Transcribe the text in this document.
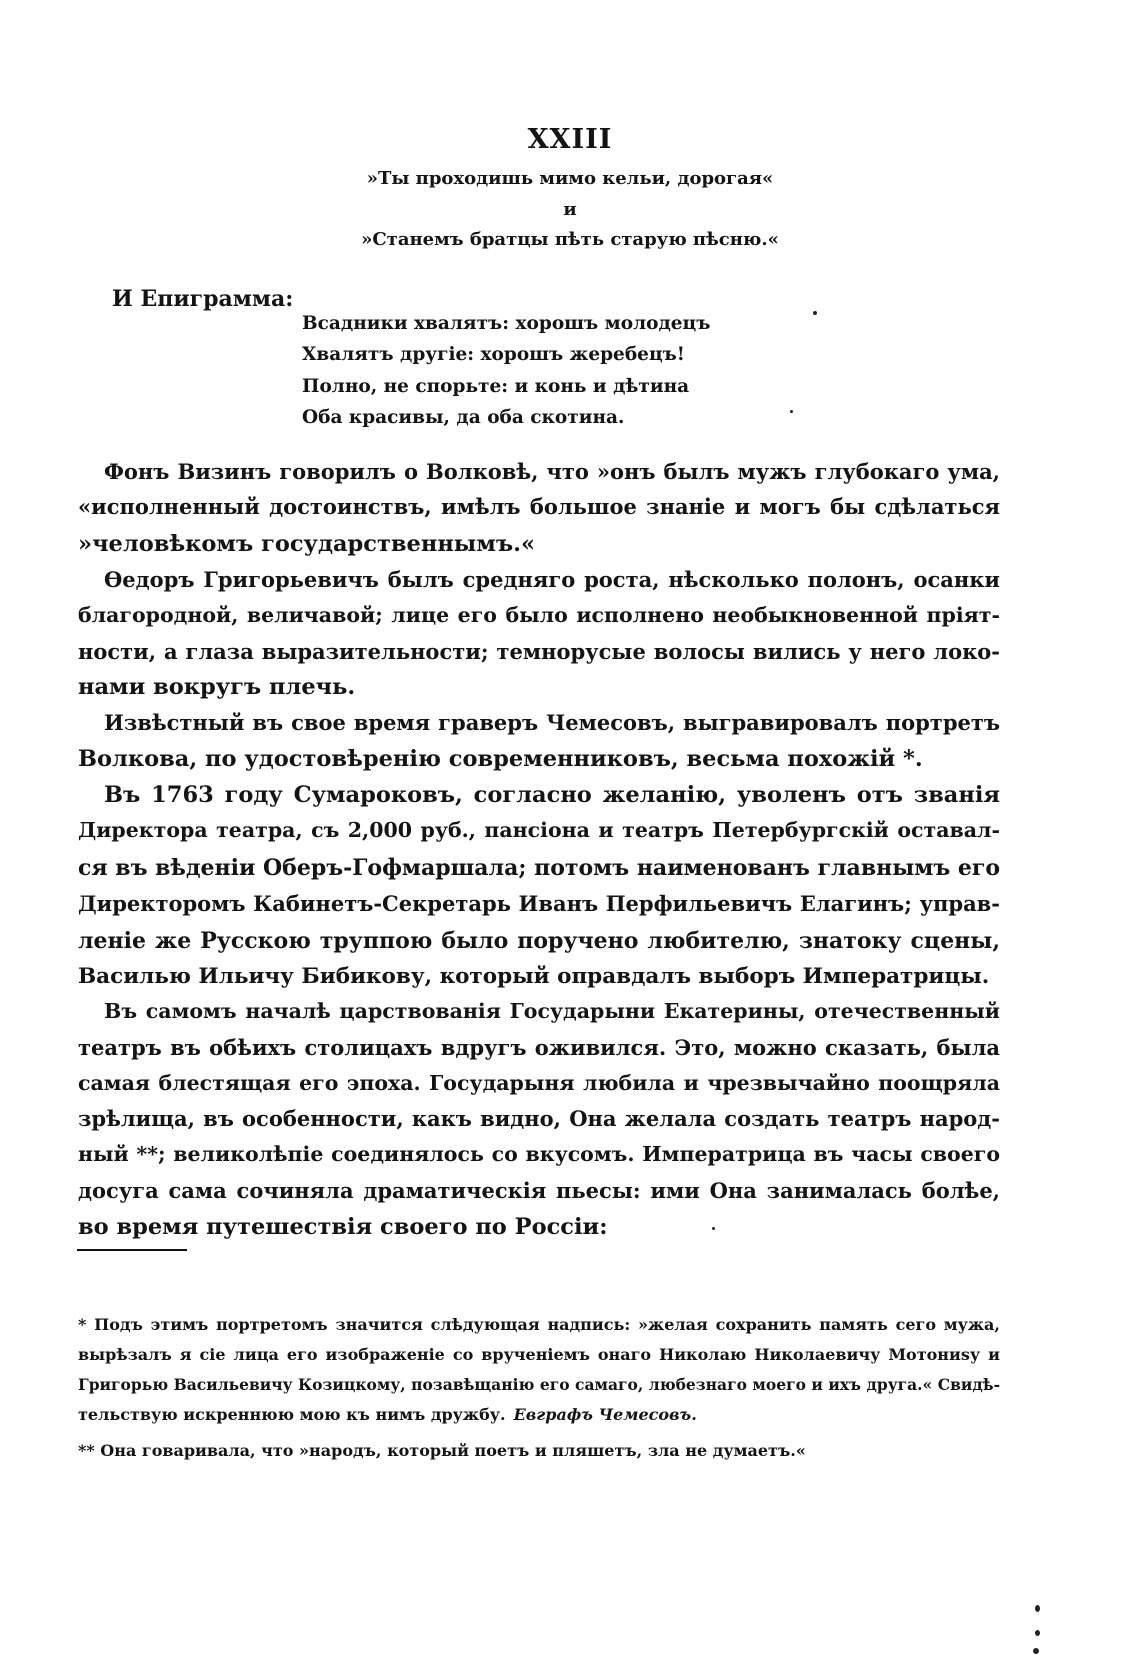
XXIII
»Ты проходишь мимо кельи, дорогая«
и
»Станемъ братцы пѣть старую пѣсню.«
И Епиграмма:
Всадники хвалятъ: хорошъ молодецъ
Хвалятъ другіе: хорошъ жеребецъ!
Полно, не спорьте: и конь и дѣтина
Оба красивы, да оба скотина.
Фонъ Визинъ говорилъ о Волковѣ, что »онъ былъ мужъ глубокаго ума,
«исполненный достоинствъ, имѣлъ большое знаніе и могъ бы сдѣлаться
»человѣкомъ государственнымъ.«
Ѳедоръ Григорьевичъ былъ средняго роста, нѣсколько полонъ, осанки
благородной, величавой; лице его было исполнено необыкновенной пріят-
ности, а глаза выразительности; темнорусые волосы вились у него локо-
нами вокругъ плечь.
Извѣстный въ свое время граверъ Чемесовъ, выгравировалъ портретъ
Волкова, по удостовѣренію современниковъ, весьма похожій *.
Въ 1763 году Сумароковъ, согласно желанію, уволенъ отъ званія
Директора театра, съ 2,000 руб., пансіона и театръ Петербургскій оставал-
ся въ вѣденіи Оберъ-Гофмаршала; потомъ наименованъ главнымъ его
Директоромъ Кабинетъ-Секретарь Иванъ Перфильевичъ Елагинъ; управ-
леніе же Русскою труппою было поручено любителю, знатоку сцены,
Василью Ильичу Бибикову, который оправдалъ выборъ Императрицы.
Въ самомъ началѣ царствованія Государыни Екатерины, отечественный
театръ въ обѣихъ столицахъ вдругъ оживился. Это, можно сказать, была
самая блестящая его эпоха. Государыня любила и чрезвычайно поощряла
зрѣлища, въ особенности, какъ видно, Она желала создать театръ народ-
ный **; великолѣпіе соединялось со вкусомъ. Императрица въ часы своего
досуга сама сочиняла драматическія пьесы: ими Она занималась болѣе,
во время путешествія своего по Россіи:
* Подъ этимъ портретомъ значится слѣдующая надпись: »желая сохранить память сего мужа,
вырѣзалъ я сіе лица его изображеніе со врученіемъ онаго Николаю Николаевичу Мотониѕу и
Григорью Васильевичу Козицкому, позавѣщанію его самаго, любезнаго моего и ихъ друга.« Свидѣ-
тельствую искреннюю мою къ нимъ дружбу. Евграфъ Чемесовъ.
** Она говаривала, что »народъ, который поетъ и пляшетъ, зла не думаетъ.«
